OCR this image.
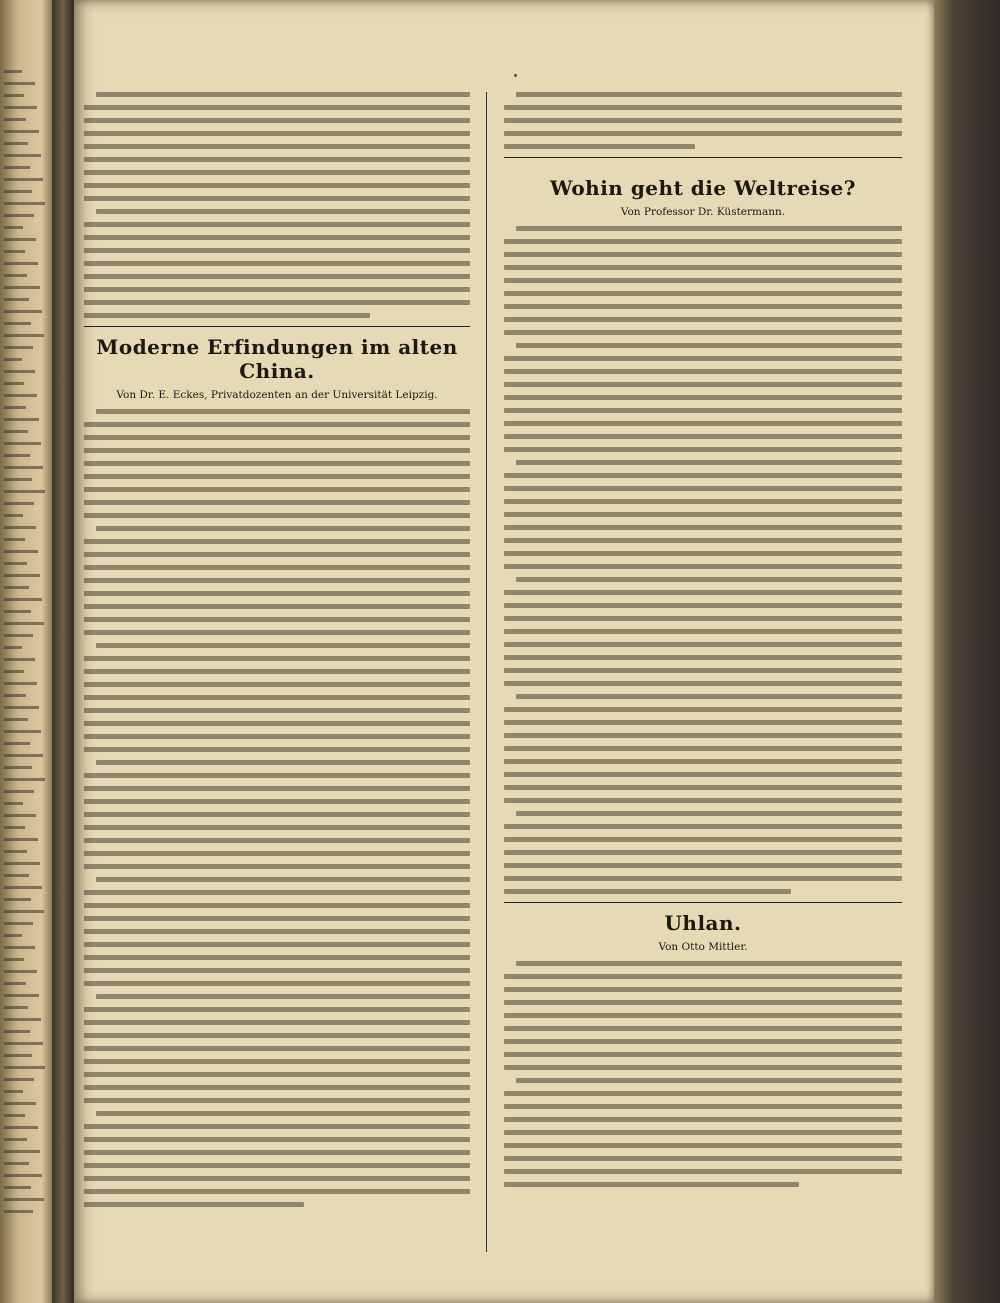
Moderne Erfindungen im alten China.
Von Dr. E. Eckes, Privatdozenten an der Universität Leipzig.
Wohin geht die Weltreise?
Von Professor Dr. Küstermann.
Uhlan.
Von Otto Mittler.
